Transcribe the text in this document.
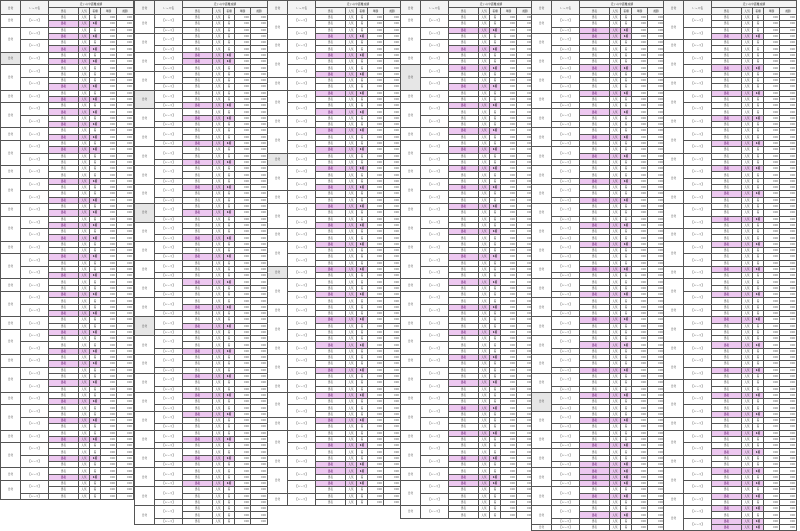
日付	レース名	近いの中距離成績				
		馬名	人気	着順	単勝	複勝
日付	【レース】	馬名	人気	着	000	000
		馬名	人気	1着	000	000
日付	【レース】	馬名	人気	着	000	000
		馬名	人気	1着	000	000
	【レース】	馬名	人気	着	000	000
		馬名	人気	1着	000	000
日付	【レース】	馬名	人気	着	000	000
		馬名	人気	1着	000	000
日付	【レース】	馬名	人気	着	000	000
		馬名	人気	着	000	000
	【レース】	馬名	人気	着	000	000
		馬名	人気	1着	000	000
日付	【レース】	馬名	人気	着	000	000
		馬名	人気	1着	000	000
日付	【レース】	馬名	人気	着	000	000
		馬名	人気	1着	000	000
	【レース】	馬名	人気	着	000	000
		馬名	人気	1着	000	000
日付	【レース】	馬名	人気	着	000	000
		馬名	人気	1着	000	000
日付	【レース】	馬名	人気	着	000	000
		馬名	人気	1着	000	000
	【レース】	馬名	人気	着	000	000
		馬名	人気	着	000	000
日付	【レース】	馬名	人気	着	000	000
		馬名	人気	着	000	000
日付	【レース】	馬名	人気	1着	000	000
		馬名	人気	着	000	000
	【レース】	馬名	人気	着	000	000
		馬名	人気	1着	000	000
日付	【レース】	馬名	人気	着	000	000
		馬名	人気	1着	000	000
日付	【レース】	馬名	人気	着	000	000
		馬名	人気	1着	000	000
	【レース】	馬名	人気	着	000	000
		馬名	人気	1着	000	000
日付	【レース】	馬名	人気	着	000	000
		馬名	人気	着	000	000
日付	【レース】	馬名	人気	1着	000	000
		馬名	人気	着	000	000
	【レース】	馬名	人気	着	000	000
		馬名	人気	1着	000	000
日付	【レース】	馬名	人気	着	000	000
		馬名	人気	着	000	000
日付	【レース】	馬名	人気	1着	000	000
		馬名	人気	着	000	000
	【レース】	馬名	人気	着	000	000
		馬名	人気	1着	000	000
日付	【レース】	馬名	人気	着	000	000
		馬名	人気	着	000	000
日付	【レース】	馬名	人気	1着	000	000
		馬名	人気	着	000	000
	【レース】	馬名	人気	着	000	000
		馬名	人気	1着	000	000
日付	【レース】	馬名	人気	着	000	000
		馬名	人気	1着	000	000
日付	【レース】	馬名	人気	着	000	000
		馬名	人気	着	000	000
	【レース】	馬名	人気	1着	000	000
		馬名	人気	着	000	000
日付	【レース】	馬名	人気	着	000	000
		馬名	人気	1着	000	000
日付	【レース】	馬名	人気	着	000	000
		馬名	人気	着	000	000
	【レース】	馬名	人気	1着	000	000
		馬名	人気	着	000	000
日付	【レース】	馬名	人気	着	000	000
		馬名	人気	1着	000	000
日付	【レース】	馬名	人気	着	000	000
		馬名	人気	着	000	000
	【レース】	馬名	人気	1着	000	000
		馬名	人気	着	000	000
日付	【レース】	馬名	人気	着	000	000
		馬名	人気	1着	000	000
日付	【レース】	馬名	人気	着	000	000
		馬名	人気	着	000	000
	【レース】	馬名	人気	着	000	000
日付	レース名	近いの中距離成績				
		馬名	人気	着順	単勝	複勝
日付	【レース】	馬名	人気	着	000	000
		馬名	人気	着	000	000
	【レース】	馬名	人気	着	000	000
日付	【レース】	馬名	人気	着	000	000
		馬名	人気	着	000	000
	【レース】	馬名	人気	着	000	000
日付	【レース】	馬名	人気	1着	000	000
		馬名	人気	1着	000	000
	【レース】	馬名	人気	着	000	000
日付	【レース】	馬名	人気	着	000	000
		馬名	人気	着	000	000
	【レース】	馬名	人気	着	000	000
日付	【レース】	馬名	人気	着	000	000
		馬名	人気	着	000	000
	【レース】	馬名	人気	1着	000	000
日付	【レース】	馬名	人気	着	000	000
		馬名	人気	1着	000	000
	【レース】	馬名	人気	着	000	000
日付	【レース】	馬名	人気	着	000	000
		馬名	人気	着	000	000
	【レース】	馬名	人気	1着	000	000
日付	【レース】	馬名	人気	着	000	000
		馬名	人気	着	000	000
	【レース】	馬名	人気	1着	000	000
日付	【レース】	馬名	人気	着	000	000
		馬名	人気	着	000	000
	【レース】	馬名	人気	着	000	000
日付	【レース】	馬名	人気	1着	000	000
		馬名	人気	着	000	000
	【レース】	馬名	人気	着	000	000
日付	【レース】	馬名	人気	着	000	000
		馬名	人気	1着	000	000
	【レース】	馬名	人気	着	000	000
日付	【レース】	馬名	人気	着	000	000
		馬名	人気	着	000	000
	【レース】	馬名	人気	1着	000	000
日付	【レース】	馬名	人気	着	000	000
		馬名	人気	着	000	000
	【レース】	馬名	人気	1着	000	000
日付	【レース】	馬名	人気	着	000	000
		馬名	人気	着	000	000
	【レース】	馬名	人気	着	000	000
日付	【レース】	馬名	人気	1着	000	000
		馬名	人気	着	000	000
	【レース】	馬名	人気	着	000	000
日付	【レース】	馬名	人気	着	000	000
		馬名	人気	1着	000	000
	【レース】	馬名	人気	着	000	000
日付	【レース】	馬名	人気	着	000	000
		馬名	人気	1着	000	000
	【レース】	馬名	人気	着	000	000
日付	【レース】	馬名	人気	着	000	000
		馬名	人気	着	000	000
	【レース】	馬名	人気	1着	000	000
日付	【レース】	馬名	人気	着	000	000
		馬名	人気	着	000	000
	【レース】	馬名	人気	着	000	000
日付	【レース】	馬名	人気	1着	000	000
		馬名	人気	着	000	000
	【レース】	馬名	人気	着	000	000
日付	【レース】	馬名	人気	1着	000	000
		馬名	人気	着	000	000
	【レース】	馬名	人気	着	000	000
日付	【レース】	馬名	人気	1着	000	000
		馬名	人気	着	000	000
	【レース】	馬名	人気	着	000	000
日付	【レース】	馬名	人気	着	000	000
		馬名	人気	1着	000	000
	【レース】	馬名	人気	着	000	000
日付	【レース】	馬名	人気	着	000	000
		馬名	人気	1着	000	000
	【レース】	馬名	人気	着	000	000
日付	【レース】	馬名	人気	着	000	000
		馬名	人気	着	000	000
	【レース】	馬名	人気	1着	000	000
日付	【レース】	馬名	人気	着	000	000
		馬名	人気	着	000	000
	【レース】	馬名	人気	着	000	000
日付	【レース】	馬名	人気	着	000	000
		馬名	人気	着	000	000
	【レース】	馬名	人気	着	000	000
日付	レース名	近いの中距離成績				
		馬名	人気	着順	単勝	複勝
日付	【レース】	馬名	人気	着	000	000
		馬名	人気	着	000	000
	【レース】	馬名	人気	着	000	000
		馬名	人気	1着	000	000
日付	【レース】	馬名	人気	着	000	000
		馬名	人気	着	000	000
日付	【レース】	馬名	人気	1着	000	000
		馬名	人気	着	000	000
	【レース】	馬名	人気	着	000	000
		馬名	人気	1着	000	000
日付	【レース】	馬名	人気	着	000	000
		馬名	人気	着	000	000
日付	【レース】	馬名	人気	1着	000	000
		馬名	人気	着	000	000
	【レース】	馬名	人気	着	000	000
		馬名	人気	1着	000	000
日付	【レース】	馬名	人気	着	000	000
		馬名	人気	着	000	000
日付	【レース】	馬名	人気	1着	000	000
		馬名	人気	着	000	000
	【レース】	馬名	人気	着	000	000
		馬名	人気	1着	000	000
日付	【レース】	馬名	人気	着	000	000
		馬名	人気	着	000	000
日付	【レース】	馬名	人気	1着	000	000
		馬名	人気	着	000	000
	【レース】	馬名	人気	着	000	000
		馬名	人気	1着	000	000
日付	【レース】	馬名	人気	着	000	000
		馬名	人気	着	000	000
日付	【レース】	馬名	人気	1着	000	000
		馬名	人気	着	000	000
	【レース】	馬名	人気	着	000	000
		馬名	人気	1着	000	000
日付	【レース】	馬名	人気	着	000	000
		馬名	人気	着	000	000
日付	【レース】	馬名	人気	1着	000	000
		馬名	人気	着	000	000
	【レース】	馬名	人気	着	000	000
		馬名	人気	着	000	000
日付	【レース】	馬名	人気	1着	000	000
		馬名	人気	着	000	000
日付	【レース】	馬名	人気	着	000	000
		馬名	人気	着	000	000
	【レース】	馬名	人気	1着	000	000
		馬名	人気	着	000	000
日付	【レース】	馬名	人気	着	000	000
		馬名	人気	着	000	000
日付	【レース】	馬名	人気	1着	000	000
		馬名	人気	着	000	000
	【レース】	馬名	人気	着	000	000
		馬名	人気	着	000	000
日付	【レース】	馬名	人気	1着	000	000
		馬名	人気	着	000	000
日付	【レース】	馬名	人気	着	000	000
		馬名	人気	着	000	000
	【レース】	馬名	人気	1着	000	000
		馬名	人気	着	000	000
日付	【レース】	馬名	人気	着	000	000
		馬名	人気	着	000	000
日付	【レース】	馬名	人気	1着	000	000
		馬名	人気	着	000	000
	【レース】	馬名	人気	着	000	000
		馬名	人気	着	000	000
日付	【レース】	馬名	人気	1着	000	000
		馬名	人気	着	000	000
日付	【レース】	馬名	人気	着	000	000
		馬名	人気	着	000	000
	【レース】	馬名	人気	1着	000	000
		馬名	人気	着	000	000
日付	【レース】	馬名	人気	着	000	000
		馬名	人気	1着	000	000
日付	【レース】	馬名	人気	1着	000	000
		馬名	人気	着	000	000
	【レース】	馬名	人気	1着	000	000
		馬名	人気	着	000	000
日付	【レース】	馬名	人気	着	000	000
		馬名	人気	着	000	000
日付	レース名	近いの中距離成績				
		馬名	人気	着順	単勝	複勝
日付	【レース】	馬名	人気	着	000	000
		馬名	人気	着	000	000
日付	【レース】	馬名	人気	1着	000	000
		馬名	人気	着	000	000
	【レース】	馬名	人気	着	000	000
		馬名	人気	1着	000	000
日付	【レース】	馬名	人気	着	000	000
		馬名	人気	着	000	000
日付	【レース】	馬名	人気	1着	000	000
		馬名	人気	着	000	000
	【レース】	馬名	人気	着	000	000
		馬名	人気	1着	000	000
日付	【レース】	馬名	人気	着	000	000
		馬名	人気	着	000	000
日付	【レース】	馬名	人気	1着	000	000
		馬名	人気	着	000	000
	【レース】	馬名	人気	着	000	000
		馬名	人気	着	000	000
日付	【レース】	馬名	人気	1着	000	000
		馬名	人気	着	000	000
日付	【レース】	馬名	人気	着	000	000
		馬名	人気	1着	000	000
	【レース】	馬名	人気	着	000	000
		馬名	人気	着	000	000
日付	【レース】	馬名	人気	1着	000	000
		馬名	人気	着	000	000
日付	【レース】	馬名	人気	着	000	000
		馬名	人気	1着	000	000
	【レース】	馬名	人気	着	000	000
		馬名	人気	着	000	000
日付	【レース】	馬名	人気	1着	000	000
		馬名	人気	着	000	000
日付	【レース】	馬名	人気	着	000	000
		馬名	人気	着	000	000
	【レース】	馬名	人気	1着	000	000
		馬名	人気	着	000	000
日付	【レース】	馬名	人気	着	000	000
		馬名	人気	着	000	000
日付	【レース】	馬名	人気	1着	000	000
		馬名	人気	着	000	000
	【レース】	馬名	人気	着	000	000
		馬名	人気	着	000	000
日付	【レース】	馬名	人気	1着	000	000
		馬名	人気	着	000	000
日付	【レース】	馬名	人気	着	000	000
		馬名	人気	着	000	000
	【レース】	馬名	人気	1着	000	000
		馬名	人気	着	000	000
日付	【レース】	馬名	人気	着	000	000
		馬名	人気	着	000	000
日付	【レース】	馬名	人気	1着	000	000
		馬名	人気	着	000	000
	【レース】	馬名	人気	着	000	000
		馬名	人気	着	000	000
日付	【レース】	馬名	人気	1着	000	000
		馬名	人気	着	000	000
日付	【レース】	馬名	人気	着	000	000
		馬名	人気	着	000	000
	【レース】	馬名	人気	1着	000	000
		馬名	人気	着	000	000
日付	【レース】	馬名	人気	着	000	000
		馬名	人気	着	000	000
日付	【レース】	馬名	人気	1着	000	000
		馬名	人気	着	000	000
	【レース】	馬名	人気	着	000	000
		馬名	人気	着	000	000
日付	【レース】	馬名	人気	1着	000	000
		馬名	人気	着	000	000
日付	【レース】	馬名	人気	着	000	000
		馬名	人気	着	000	000
	【レース】	馬名	人気	1着	000	000
		馬名	人気	着	000	000
日付	【レース】	馬名	人気	着	000	000
		馬名	人気	1着	000	000
日付	【レース】	馬名	人気	1着	000	000
		馬名	人気	着	000	000
	【レース】	馬名	人気	着	000	000
		馬名	人気	着	000	000
日付	【レース】	馬名	人気	着	000	000
		馬名	人気	着	000	000
日付	レース名	近いの中距離成績				
		馬名	人気	着順	単勝	複勝
日付	【レース】	馬名	人気	着	000	000
		馬名	人気	着	000	000
	【レース】	馬名	人気	1着	000	000
日付	【レース】	馬名	人気	1着	000	000
		馬名	人気	着	000	000
	【レース】	馬名	人気	着	000	000
日付	【レース】	馬名	人気	着	000	000
		馬名	人気	着	000	000
	【レース】	馬名	人気	1着	000	000
日付	【レース】	馬名	人気	着	000	000
		馬名	人気	着	000	000
	【レース】	馬名	人気	着	000	000
日付	【レース】	馬名	人気	1着	000	000
		馬名	人気	着	000	000
	【レース】	馬名	人気	着	000	000
日付	【レース】	馬名	人気	1着	000	000
		馬名	人気	着	000	000
	【レース】	馬名	人気	着	000	000
日付	【レース】	馬名	人気	着	000	000
		馬名	人気	1着	000	000
	【レース】	馬名	人気	着	000	000
日付	【レース】	馬名	人気	着	000	000
		馬名	人気	1着	000	000
	【レース】	馬名	人気	着	000	000
日付	【レース】	馬名	人気	着	000	000
		馬名	人気	着	000	000
	【レース】	馬名	人気	1着	000	000
日付	【レース】	馬名	人気	着	000	000
		馬名	人気	着	000	000
	【レース】	馬名	人気	1着	000	000
日付	【レース】	馬名	人気	着	000	000
		馬名	人気	着	000	000
	【レース】	馬名	人気	着	000	000
日付	【レース】	馬名	人気	1着	000	000
		馬名	人気	着	000	000
	【レース】	馬名	人気	着	000	000
日付	【レース】	馬名	人気	1着	000	000
		馬名	人気	着	000	000
	【レース】	馬名	人気	着	000	000
日付	【レース】	馬名	人気	着	000	000
		馬名	人気	1着	000	000
	【レース】	馬名	人気	着	000	000
日付	【レース】	馬名	人気	着	000	000
		馬名	人気	着	000	000
	【レース】	馬名	人気	1着	000	000
日付	【レース】	馬名	人気	着	000	000
		馬名	人気	着	000	000
	【レース】	馬名	人気	着	000	000
日付	【レース】	馬名	人気	1着	000	000
		馬名	人気	着	000	000
	【レース】	馬名	人気	着	000	000
日付	【レース】	馬名	人気	着	000	000
		馬名	人気	1着	000	000
	【レース】	馬名	人気	着	000	000
日付	【レース】	馬名	人気	着	000	000
		馬名	人気	着	000	000
	【レース】	馬名	人気	1着	000	000
日付	【レース】	馬名	人気	着	000	000
		馬名	人気	着	000	000
	【レース】	馬名	人気	着	000	000
日付	【レース】	馬名	人気	1着	000	000
		馬名	人気	着	000	000
	【レース】	馬名	人気	着	000	000
日付	【レース】	馬名	人気	着	000	000
		馬名	人気	1着	000	000
	【レース】	馬名	人気	着	000	000
日付	【レース】	馬名	人気	着	000	000
		馬名	人気	着	000	000
	【レース】	馬名	人気	1着	000	000
日付	【レース】	馬名	人気	着	000	000
		馬名	人気	着	000	000
	【レース】	馬名	人気	1着	000	000
日付	【レース】	馬名	人気	1着	000	000
		馬名	人気	1着	000	000
	【レース】	馬名	人気	1着	000	000
日付	【レース】	馬名	人気	着	000	000
		馬名	人気	1着	000	000
	【レース】	馬名	人気	着	000	000
日付	【レース】	馬名	人気	着	000	000
		馬名	人気	1着	000	000
	【レース】	馬名	人気	着	000	000
日付	【レース】	馬名	人気	着	000	000
日付	レース名	近いの中距離成績				
		馬名	人気	着順	単勝	複勝
日付	【レース】	馬名	人気	着	000	000
		馬名	人気	着	000	000
	【レース】	馬名	人気	着	000	000
		馬名	人気	1着	000	000
日付	【レース】	馬名	人気	着	000	000
		馬名	人気	着	000	000
日付	【レース】	馬名	人気	着	000	000
		馬名	人気	着	000	000
	【レース】	馬名	人気	1着	000	000
		馬名	人気	着	000	000
日付	【レース】	馬名	人気	着	000	000
		馬名	人気	着	000	000
日付	【レース】	馬名	人気	1着	000	000
		馬名	人気	着	000	000
	【レース】	馬名	人気	着	000	000
		馬名	人気	着	000	000
日付	【レース】	馬名	人気	1着	000	000
		馬名	人気	着	000	000
日付	【レース】	馬名	人気	着	000	000
		馬名	人気	着	000	000
	【レース】	馬名	人気	1着	000	000
		馬名	人気	着	000	000
日付	【レース】	馬名	人気	着	000	000
		馬名	人気	着	000	000
日付	【レース】	馬名	人気	1着	000	000
		馬名	人気	着	000	000
	【レース】	馬名	人気	着	000	000
		馬名	人気	着	000	000
日付	【レース】	馬名	人気	1着	000	000
		馬名	人気	着	000	000
日付	【レース】	馬名	人気	着	000	000
		馬名	人気	着	000	000
	【レース】	馬名	人気	1着	000	000
		馬名	人気	着	000	000
日付	【レース】	馬名	人気	着	000	000
		馬名	人気	着	000	000
日付	【レース】	馬名	人気	1着	000	000
		馬名	人気	着	000	000
	【レース】	馬名	人気	着	000	000
		馬名	人気	着	000	000
日付	【レース】	馬名	人気	1着	000	000
		馬名	人気	着	000	000
日付	【レース】	馬名	人気	着	000	000
		馬名	人気	着	000	000
	【レース】	馬名	人気	1着	000	000
		馬名	人気	着	000	000
日付	【レース】	馬名	人気	着	000	000
		馬名	人気	着	000	000
日付	【レース】	馬名	人気	1着	000	000
		馬名	人気	着	000	000
	【レース】	馬名	人気	着	000	000
		馬名	人気	着	000	000
日付	【レース】	馬名	人気	1着	000	000
		馬名	人気	着	000	000
日付	【レース】	馬名	人気	着	000	000
		馬名	人気	着	000	000
	【レース】	馬名	人気	1着	000	000
		馬名	人気	着	000	000
日付	【レース】	馬名	人気	着	000	000
		馬名	人気	着	000	000
日付	【レース】	馬名	人気	1着	000	000
		馬名	人気	着	000	000
	【レース】	馬名	人気	着	000	000
		馬名	人気	1着	000	000
日付	【レース】	馬名	人気	着	000	000
		馬名	人気	着	000	000
日付	【レース】	馬名	人気	1着	000	000
		馬名	人気	着	000	000
	【レース】	馬名	人気	着	000	000
		馬名	人気	1着	000	000
日付	【レース】	馬名	人気	着	000	000
		馬名	人気	着	000	000
日付	【レース】	馬名	人気	1着	000	000
		馬名	人気	着	000	000
	【レース】	馬名	人気	1着	000	000
		馬名	人気	着	000	000
日付	【レース】	馬名	人気	1着	000	000
		馬名	人気	着	000	000
日付	【レース】	馬名	人気	1着	000	000
		馬名	人気	着	000	000
	【レース】	馬名	人気	1着	000	000
		馬名	人気	1着	000	000
